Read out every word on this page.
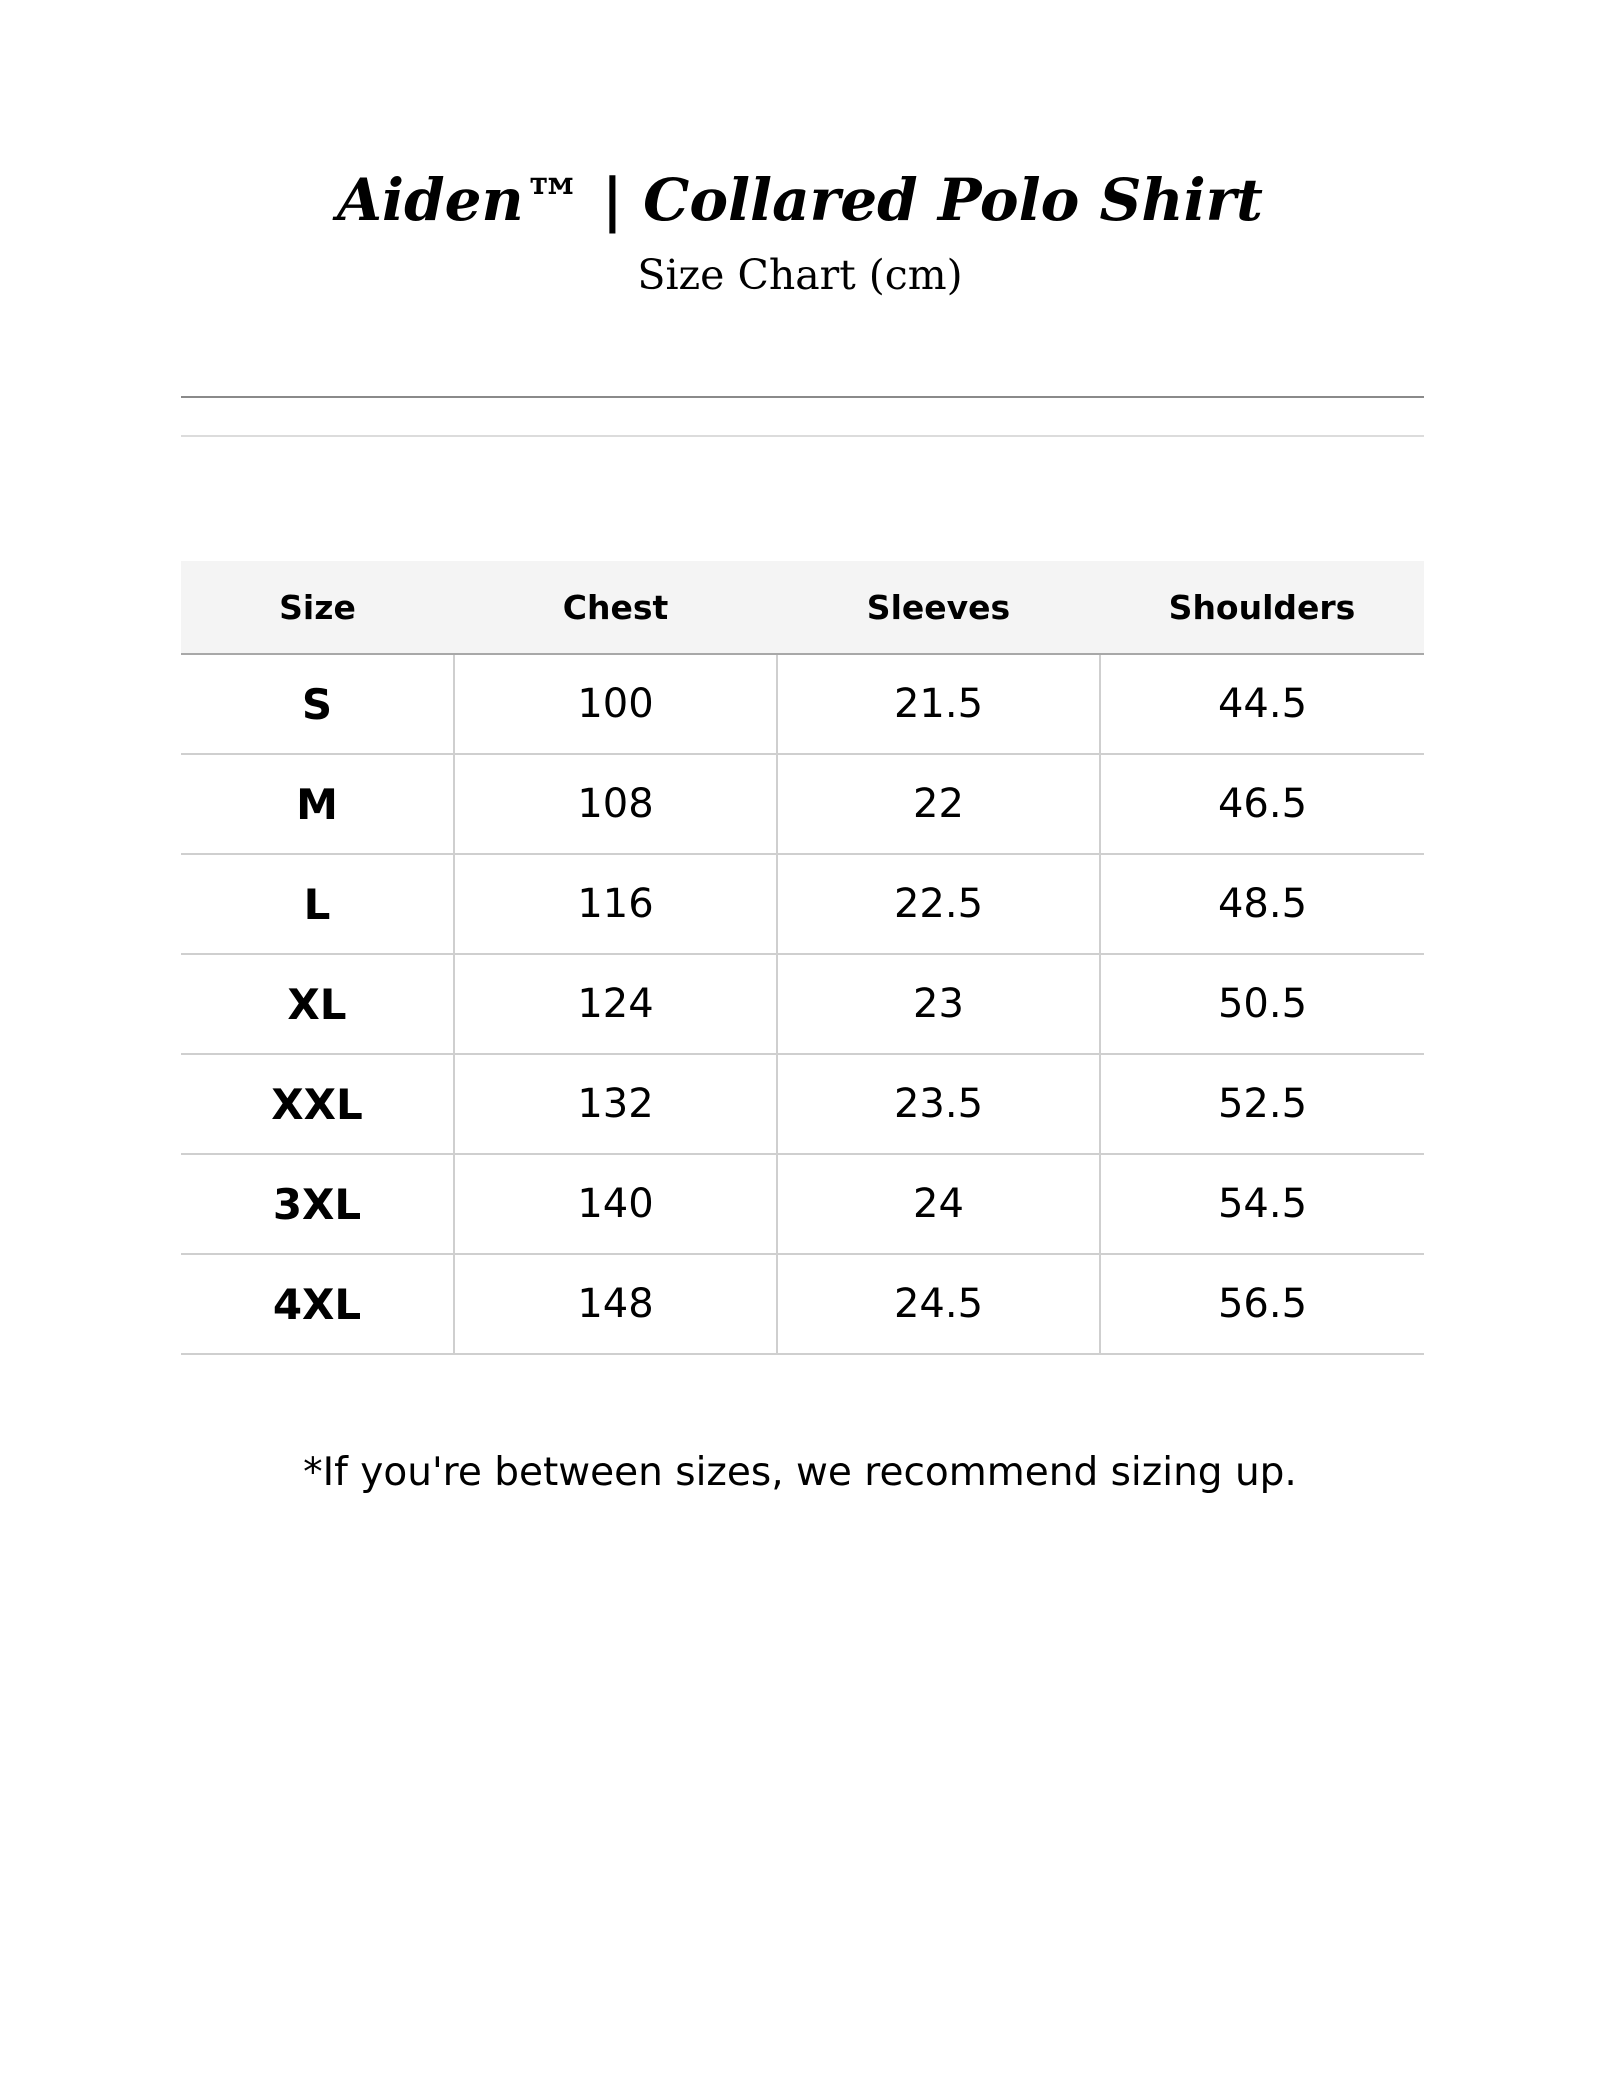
Aiden™ | Collared Polo Shirt
Size Chart (cm)
Size	Chest	Sleeves	Shoulders
S	100	21.5	44.5
M	108	22	46.5
L	116	22.5	48.5
XL	124	23	50.5
XXL	132	23.5	52.5
3XL	140	24	54.5
4XL	148	24.5	56.5

*If you're between sizes, we recommend sizing up.
